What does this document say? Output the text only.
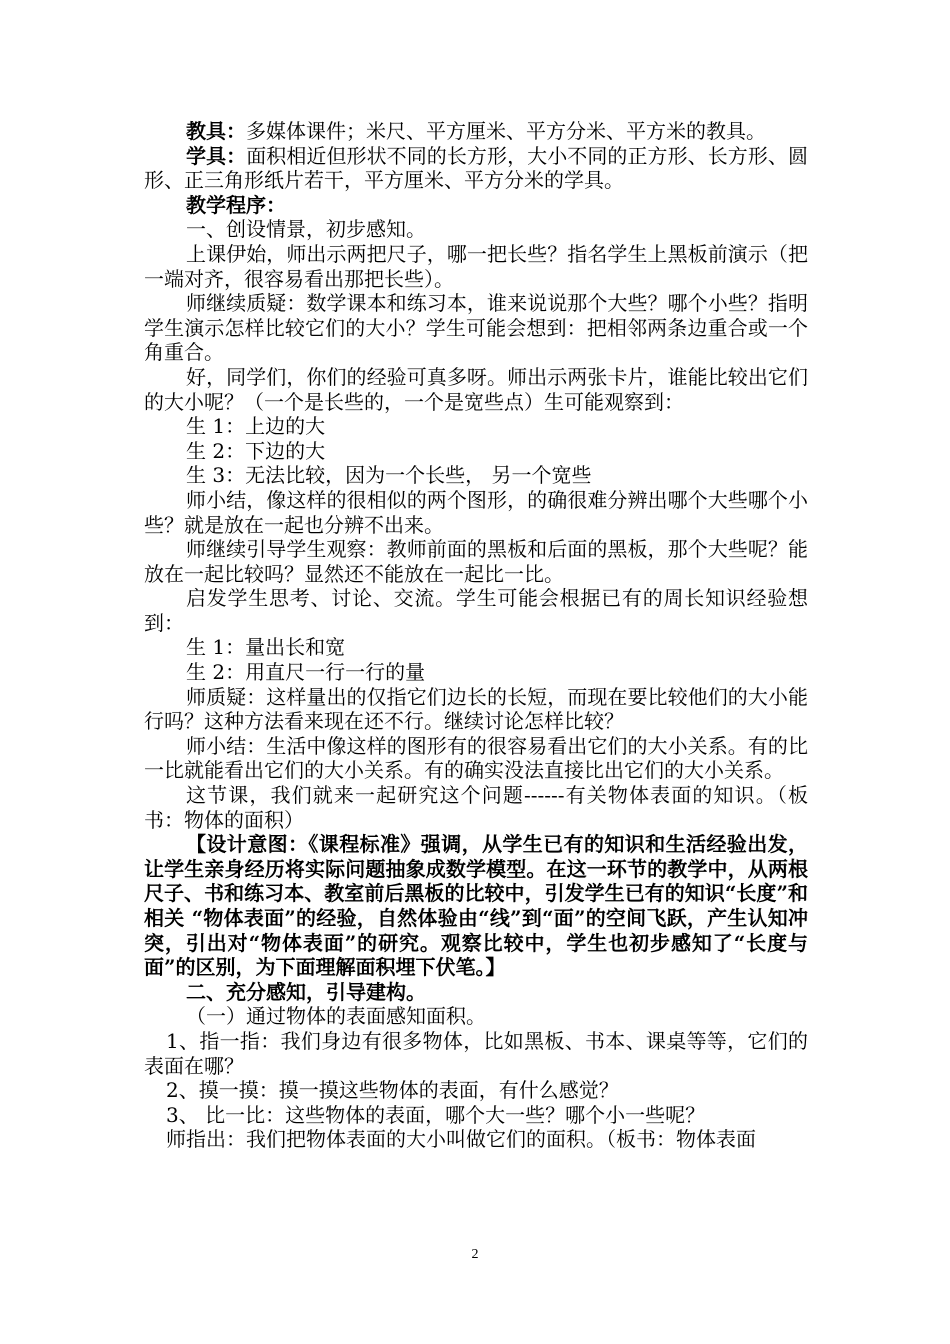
教具：多媒体课件；米尺、平方厘米、平方分米、平方米的教具。

学具：面积相近但形状不同的长方形，大小不同的正方形、长方形、圆形、正三角形纸片若干，平方厘米、平方分米的学具。

教学程序：

一、创设情景，初步感知。

上课伊始，师出示两把尺子，哪一把长些？指名学生上黑板前演示（把一端对齐，很容易看出那把长些）。

师继续质疑：数学课本和练习本，谁来说说那个大些？哪个小些？指明学生演示怎样比较它们的大小？学生可能会想到：把相邻两条边重合或一个角重合。

好，同学们，你们的经验可真多呀。师出示两张卡片，谁能比较出它们的大小呢？（一个是长些的，一个是宽些点）生可能观察到：

生 1：上边的大

生 2：下边的大

生 3：无法比较，因为一个长些， 另一个宽些

师小结，像这样的很相似的两个图形，的确很难分辨出哪个大些哪个小些？就是放在一起也分辨不出来。

师继续引导学生观察：教师前面的黑板和后面的黑板，那个大些呢？能放在一起比较吗？显然还不能放在一起比一比。

启发学生思考、讨论、交流。学生可能会根据已有的周长知识经验想到：

生 1：量出长和宽

生 2：用直尺一行一行的量

师质疑：这样量出的仅指它们边长的长短，而现在要比较他们的大小能行吗？这种方法看来现在还不行。继续讨论怎样比较？

师小结：生活中像这样的图形有的很容易看出它们的大小关系。有的比一比就能看出它们的大小关系。有的确实没法直接比出它们的大小关系。

这节课，我们就来一起研究这个问题------有关物体表面的知识。（板书：物体的面积）

【设计意图：《课程标准》强调，从学生已有的知识和生活经验出发，让学生亲身经历将实际问题抽象成数学模型。在这一环节的教学中，从两根尺子、书和练习本、教室前后黑板的比较中，引发学生已有的知识“长度”和相关 “物体表面”的经验，自然体验由“线”到“面”的空间飞跃，产生认知冲突，引出对“物体表面”的研究。观察比较中，学生也初步感知了“长度与面”的区别，为下面理解面积埋下伏笔。】

二、充分感知，引导建构。

（一）通过物体的表面感知面积。

1、指一指：我们身边有很多物体，比如黑板、书本、课桌等等，它们的表面在哪？

2、摸一摸：摸一摸这些物体的表面，有什么感觉？

3、 比一比：这些物体的表面，哪个大一些？哪个小一些呢？

师指出：我们把物体表面的大小叫做它们的面积。（板书：物体表面

2
